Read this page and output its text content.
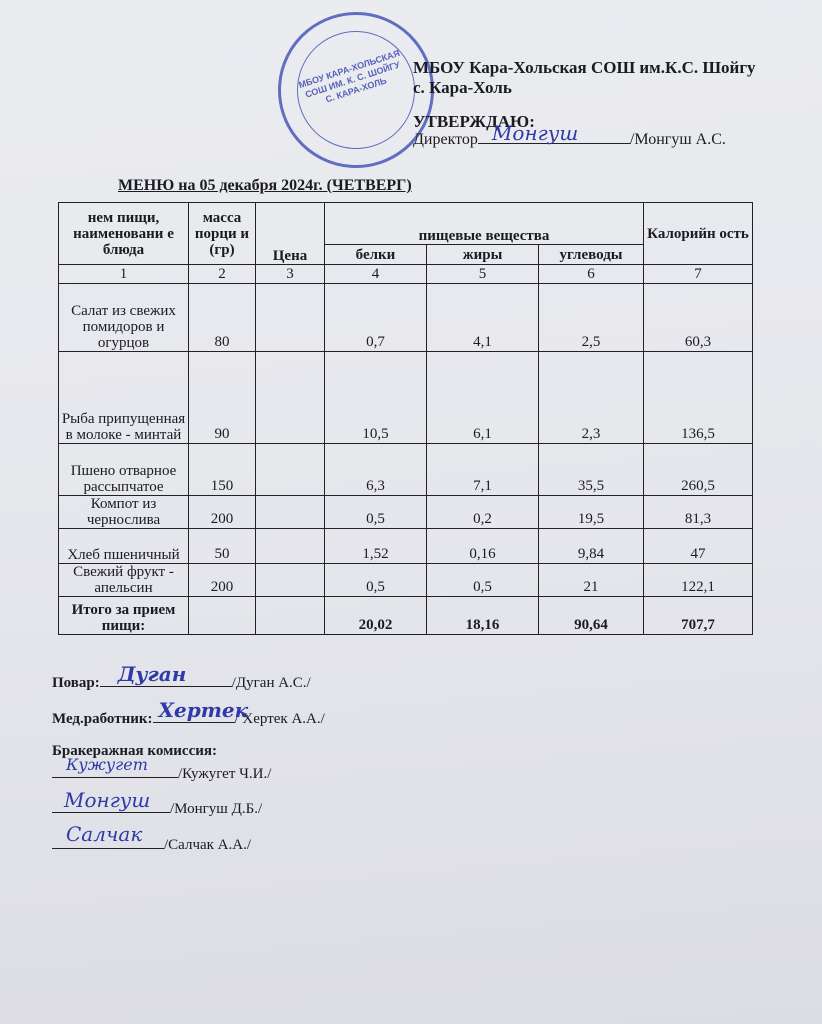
МБОУ КАРА-ХОЛЬСКАЯ СОШ ИМ. К. С. ШОЙГУ С. КАРА-ХОЛЬ
МБОУ Кара-Хольская СОШ им.К.С. Шойгу
с. Кара-Холь
УТВЕРЖДАЮ:
Директор Монгуш	/Монгуш А.С.
МЕНЮ на 05 декабря 2024г. (ЧЕТВЕРГ)
нем пищи, наименовани е блюда	масса порци и (гр)	Цена	пищевые вещества			Калорийн ость
			белки	жиры	углеводы	
1	2	3	4	5	6	7
Салат из свежих помидоров и огурцов	80		0,7	4,1	2,5	60,3
Рыба припущенная в молоке - минтай	90		10,5	6,1	2,3	136,5
Пшено отварное рассыпчатое	150		6,3	7,1	35,5	260,5
Компот из чернослива	200		0,5	0,2	19,5	81,3
Хлеб пшеничный	50		1,52	0,16	9,84	47
Свежий фрукт - апельсин	200		0,5	0,5	21	122,1
Итого за прием пищи:			20,02	18,16	90,64	707,7
Повар: Дуган	/Дуган А.С./
Мед.работник: Хертек
/ Хертек А.А./
Бракеражная комиссия:
Кужугет /Кужугет Ч.И./
Монгуш /Монгуш Д.Б./
Салчак /Салчак А.А./
